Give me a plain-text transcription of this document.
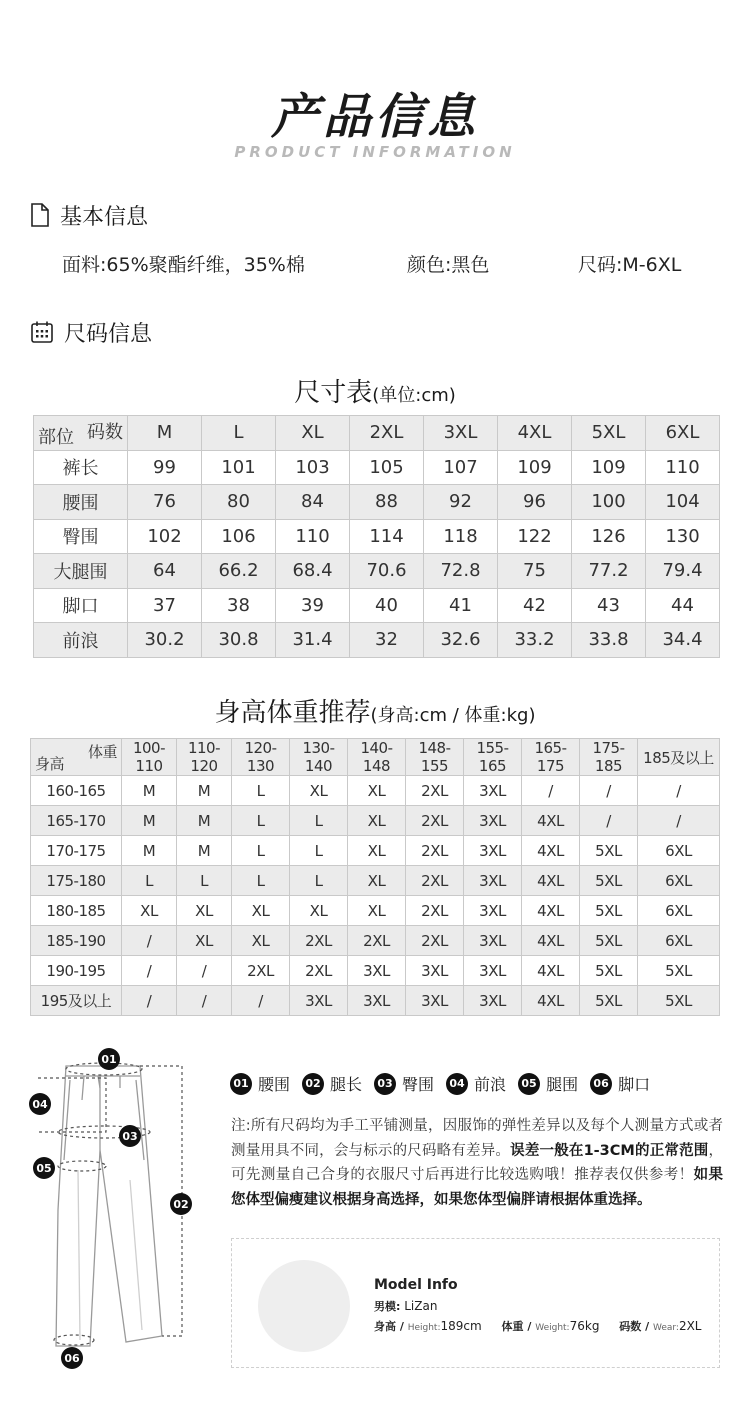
产品信息
PRODUCT INFORMATION
基本信息
面料:65%聚酯纤维，35%棉	颜色:黑色	尺码:M-6XL
尺码信息
尺寸表(单位:cm)
码数
部位	M	L	XL	2XL	3XL	4XL	5XL	6XL
裤长	99	101	103	105	107	109	109	110
腰围	76	80	84	88	92	96	100	104
臀围	102	106	110	114	118	122	126	130
大腿围	64	66.2	68.4	70.6	72.8	75	77.2	79.4
脚口	37	38	39	40	41	42	43	44
前浪	30.2	30.8	31.4	32	32.6	33.2	33.8	34.4
身高体重推荐(身高:cm / 体重:kg)
体重
身高	100-110	110-120	120-130	130-140	140-148	148-155	155-165	165-175	175-185	185及以上
160-165	M	M	L	XL	XL	2XL	3XL	/	/	/
165-170	M	M	L	L	XL	2XL	3XL	4XL	/	/
170-175	M	M	L	L	XL	2XL	3XL	4XL	5XL	6XL
175-180	L	L	L	L	XL	2XL	3XL	4XL	5XL	6XL
180-185	XL	XL	XL	XL	XL	2XL	3XL	4XL	5XL	6XL
185-190	/	XL	XL	2XL	2XL	2XL	3XL	4XL	5XL	6XL
190-195	/	/	2XL	2XL	3XL	3XL	3XL	4XL	5XL	5XL
195及以上	/	/	/	3XL	3XL	3XL	3XL	4XL	5XL	5XL
01
02
03
04
05
06
01 腰围	02 腿长	03 臀围	04 前浪	05 腿围	06 脚口
注:所有尺码均为手工平铺测量，因服饰的弹性差异以及每个人测量方式或者测量用具不同，会与标示的尺码略有差异。误差一般在1-3CM的正常范围，可先测量自己合身的衣服尺寸后再进行比较选购哦！推荐表仅供参考！如果您体型偏瘦建议根据身高选择，如果您体型偏胖请根据体重选择。
Model Info
男模: LiZan
身高 / Height:189cm 体重 / Weight:76kg 码数 / Wear:2XL
